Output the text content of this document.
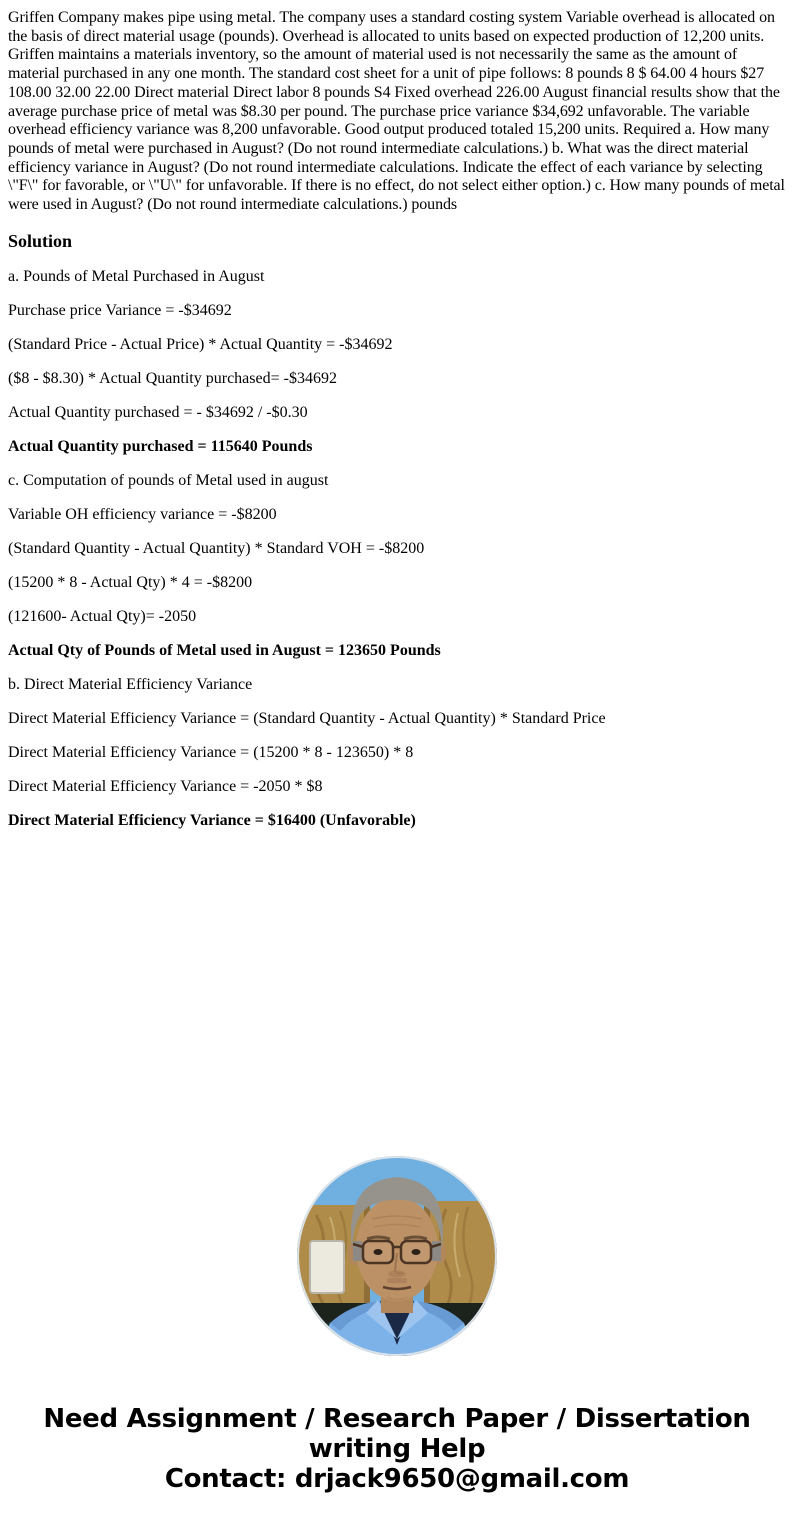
Griffen Company makes pipe using metal. The company uses a standard costing system Variable overhead is allocated on the basis of direct material usage (pounds). Overhead is allocated to units based on expected production of 12,200 units. Griffen maintains a materials inventory, so the amount of material used is not necessarily the same as the amount of material purchased in any one month. The standard cost sheet for a unit of pipe follows: 8 pounds 8 $ 64.00 4 hours $27 108.00 32.00 22.00 Direct material Direct labor 8 pounds S4 Fixed overhead 226.00 August financial results show that the average purchase price of metal was $8.30 per pound. The purchase price variance $34,692 unfavorable. The variable overhead efficiency variance was 8,200 unfavorable. Good output produced totaled 15,200 units. Required a. How many pounds of metal were purchased in August? (Do not round intermediate calculations.) b. What was the direct material efficiency variance in August? (Do not round intermediate calculations. Indicate the effect of each variance by selecting \"F\" for favorable, or \"U\" for unfavorable. If there is no effect, do not select either option.) c. How many pounds of metal were used in August? (Do not round intermediate calculations.) pounds

Solution

a. Pounds of Metal Purchased in August

Purchase price Variance = -$34692

(Standard Price - Actual Price) * Actual Quantity = -$34692

($8 - $8.30) * Actual Quantity purchased= -$34692

Actual Quantity purchased = - $34692 / -$0.30

Actual Quantity purchased = 115640 Pounds

c. Computation of pounds of Metal used in august

Variable OH efficiency variance = -$8200

(Standard Quantity - Actual Quantity) * Standard VOH = -$8200

(15200 * 8 - Actual Qty) * 4 = -$8200

(121600- Actual Qty)= -2050

Actual Qty of Pounds of Metal used in August = 123650 Pounds

b. Direct Material Efficiency Variance

Direct Material Efficiency Variance = (Standard Quantity - Actual Quantity) * Standard Price

Direct Material Efficiency Variance = (15200 * 8 - 123650) * 8

Direct Material Efficiency Variance = -2050 * $8

Direct Material Efficiency Variance = $16400 (Unfavorable)

Need Assignment / Research Paper / Dissertation
writing Help
Contact: drjack9650@gmail.com
